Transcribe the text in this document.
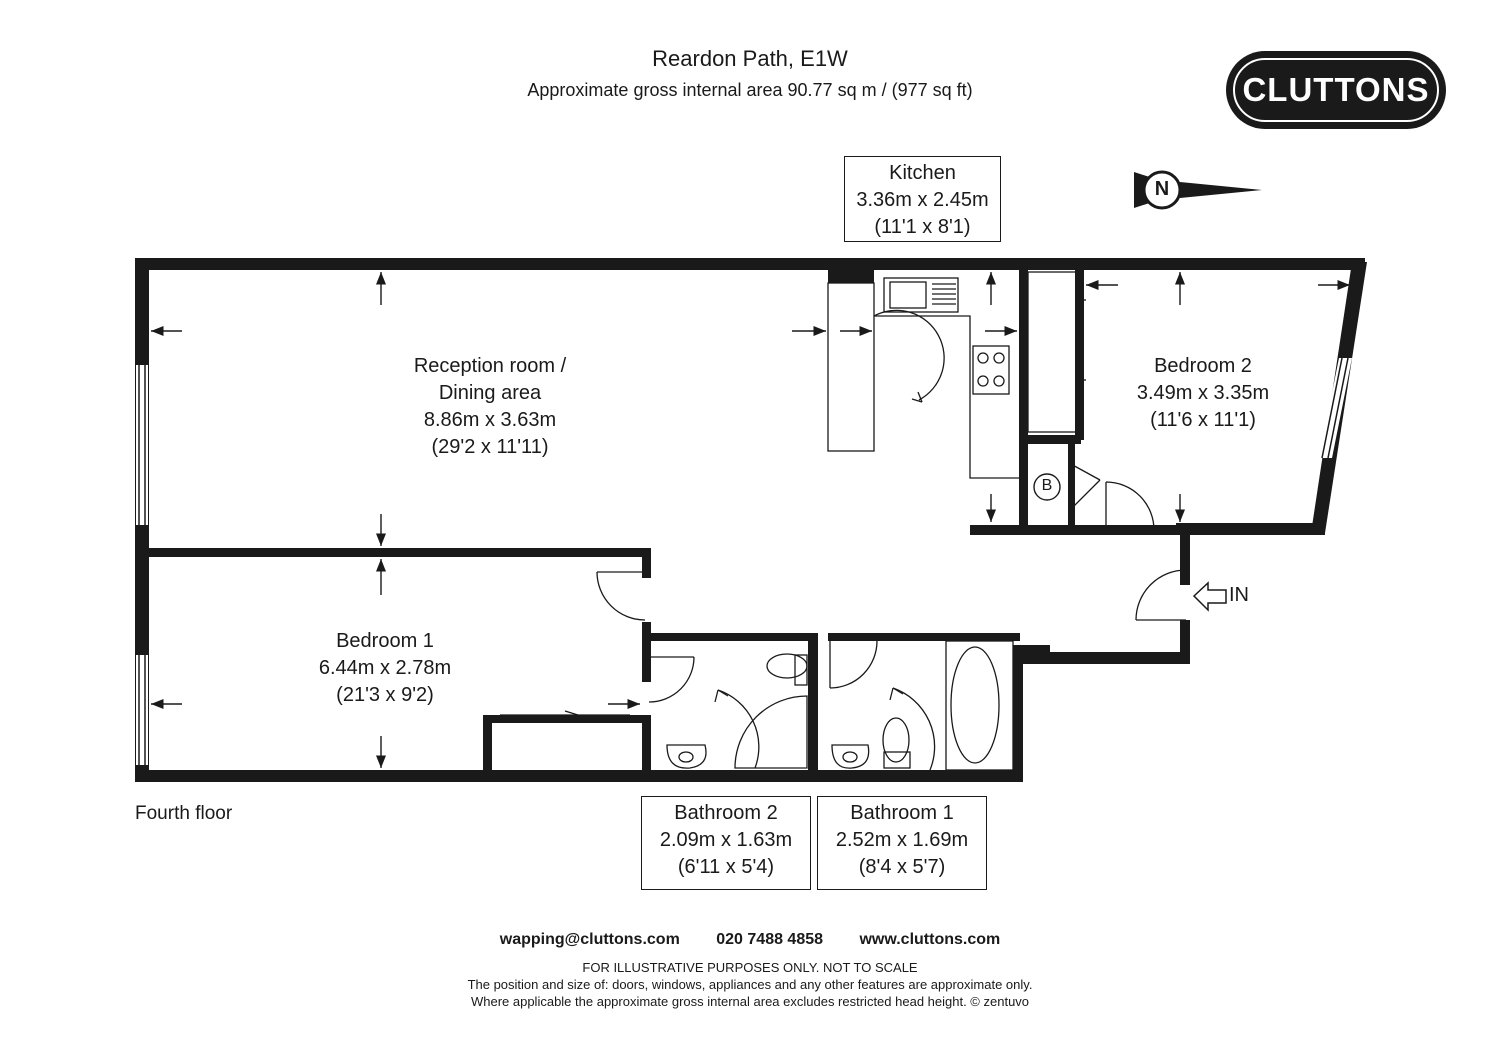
Reardon Path, E1W
Approximate gross internal area 90.77 sq m / (977 sq ft)	CLUTTONS
N
B
IN
Reception room /
Dining area
8.86m x 3.63m
(29'2 x 11'11)
Kitchen
3.36m x 2.45m
(11'1 x 8'1)
Bedroom 2
3.49m x 3.35m
(11'6 x 11'1)
Bedroom 1
6.44m x 2.78m
(21'3 x 9'2)
Bathroom 2
2.09m x 1.63m
(6'11 x 5'4)
Bathroom 1
2.52m x 1.69m
(8'4 x 5'7)
Fourth floor
wapping@cluttons.com 020 7488 4858 www.cluttons.com
FOR ILLUSTRATIVE PURPOSES ONLY. NOT TO SCALE
The position and size of: doors, windows, appliances and any other features are approximate only.
Where applicable the approximate gross internal area excludes restricted head height. © zentuvo
